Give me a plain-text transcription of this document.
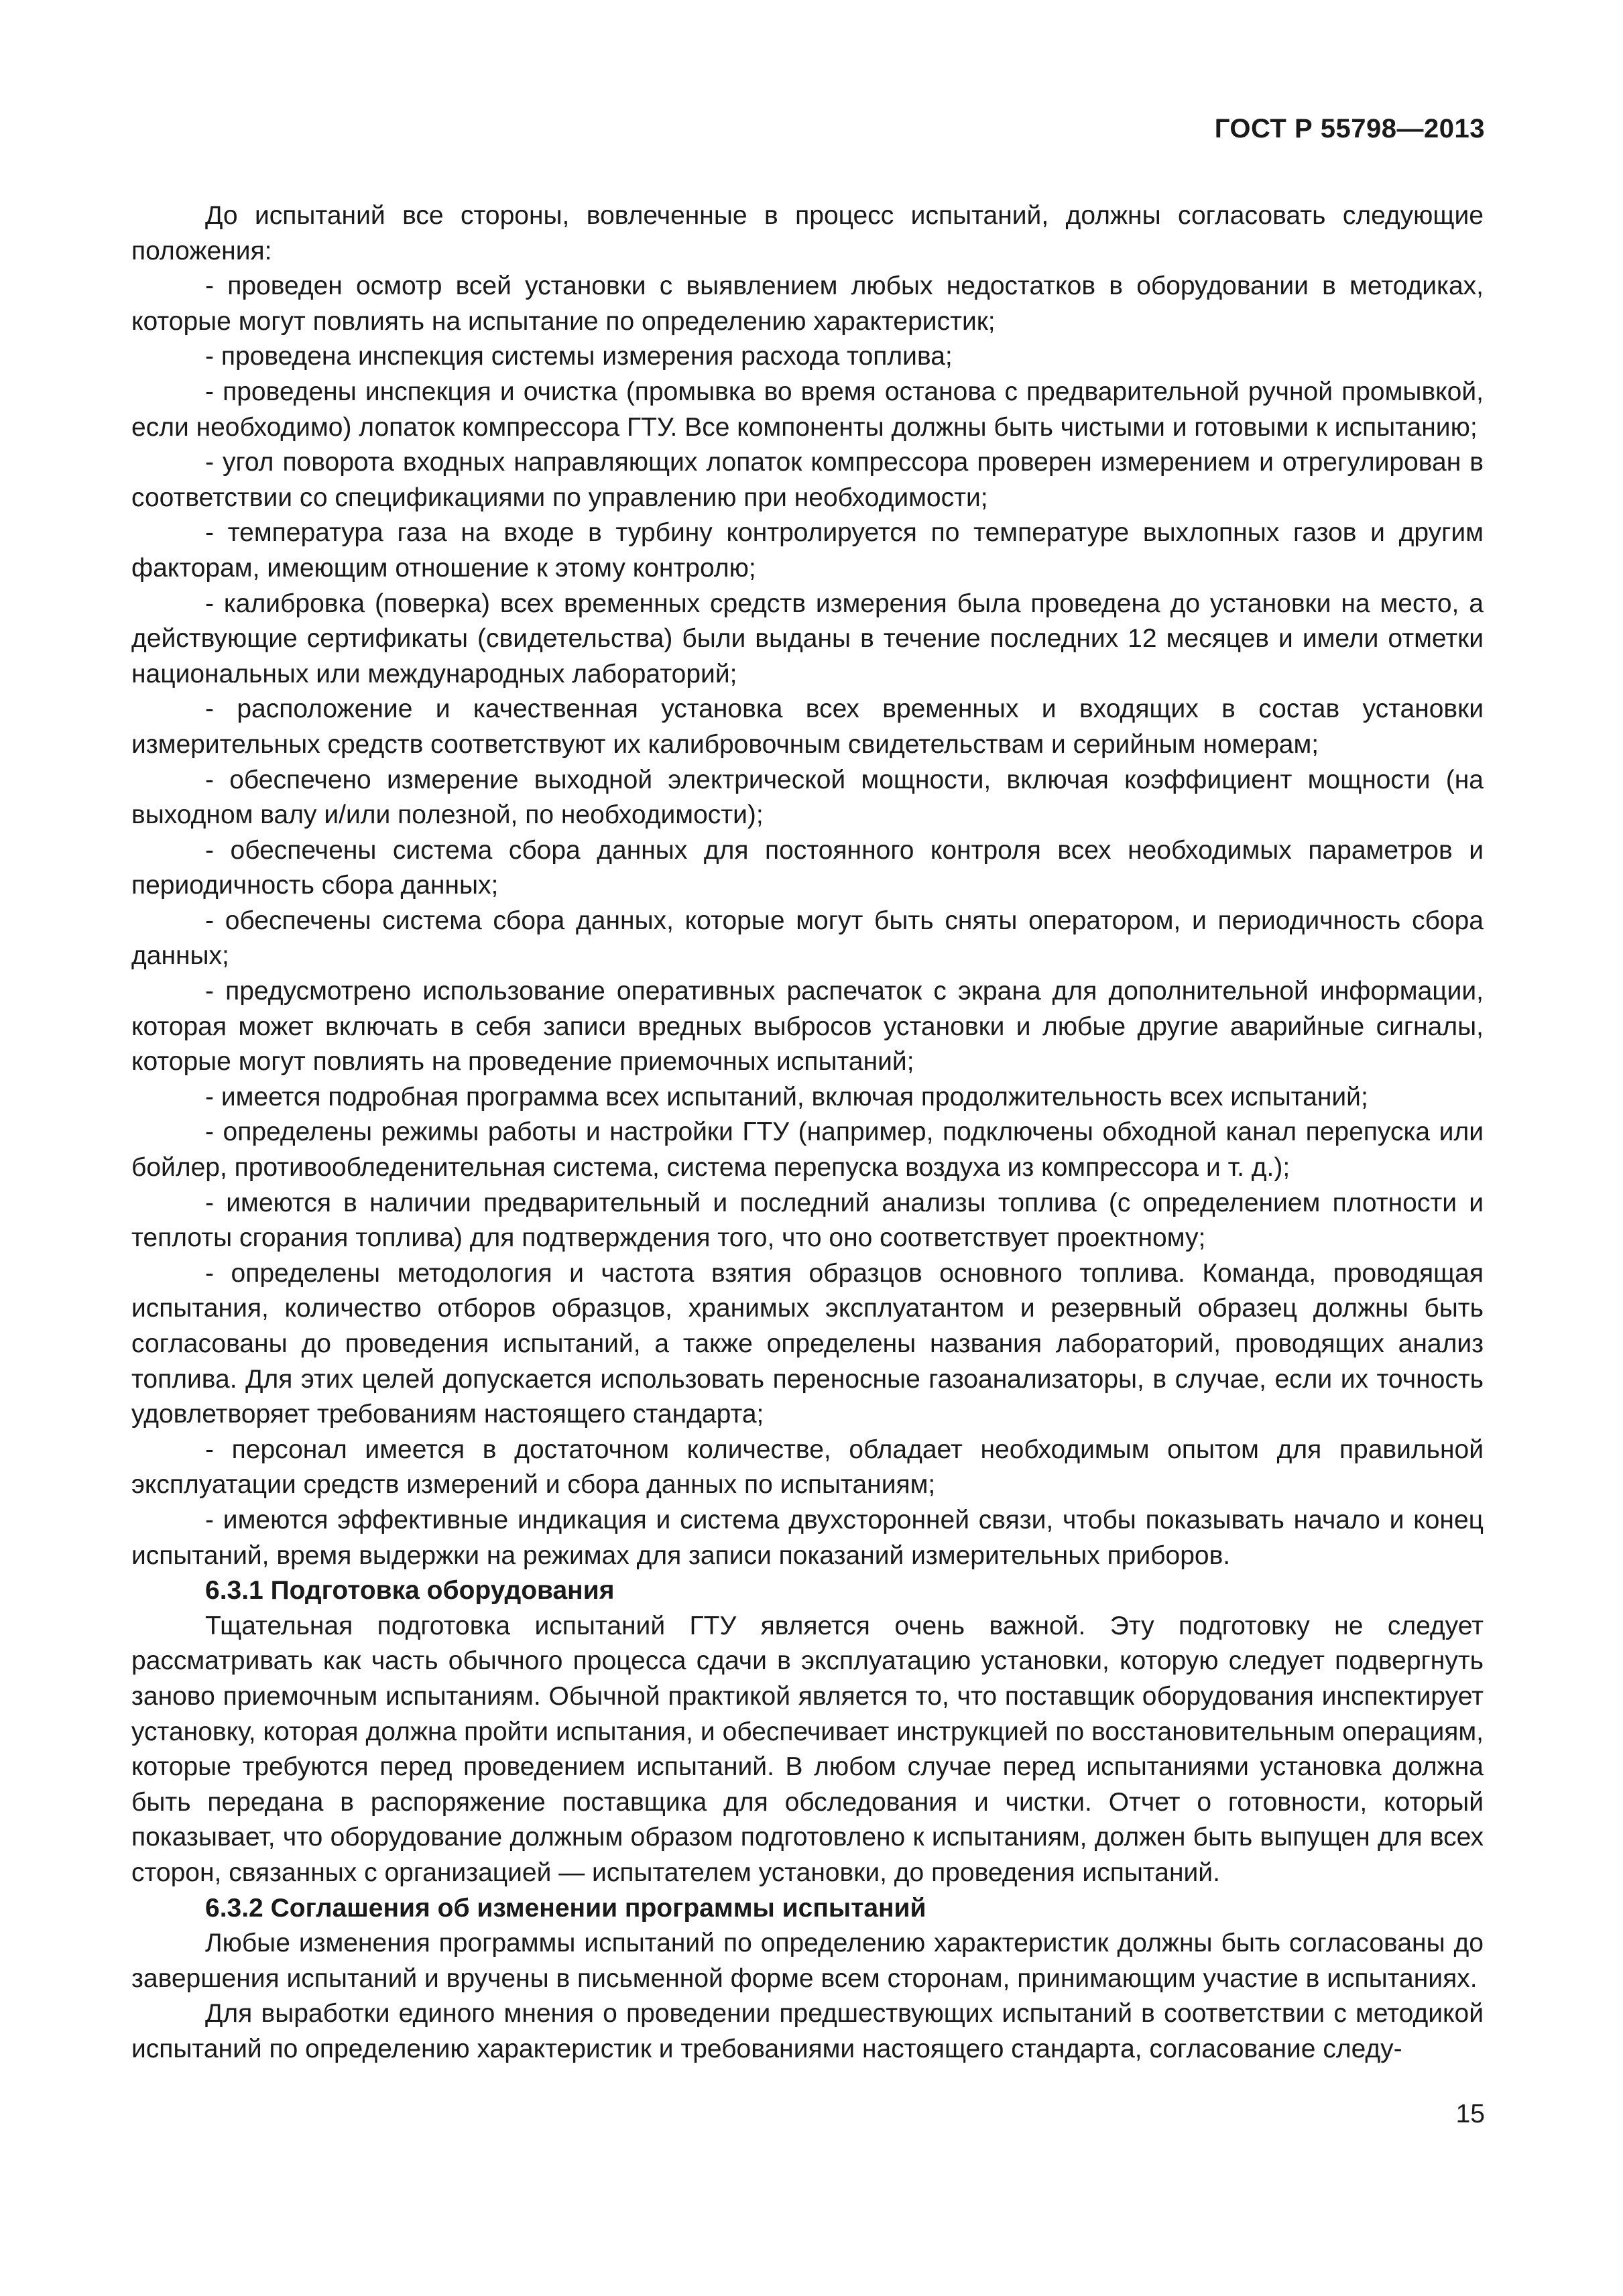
ГОСТ Р 55798—2013

До испытаний все стороны, вовлеченные в процесс испытаний, должны согласовать следующие положения:

- проведен осмотр всей установки с выявлением любых недостатков в оборудовании в методиках, которые могут повлиять на испытание по определению характеристик;

- проведена инспекция системы измерения расхода топлива;

- проведены инспекция и очистка (промывка во время останова с предварительной ручной промывкой, если необходимо) лопаток компрессора ГТУ. Все компоненты должны быть чистыми и готовыми к испытанию;

- угол поворота входных направляющих лопаток компрессора проверен измерением и отрегулирован в соответствии со спецификациями по управлению при необходимости;

- температура газа на входе в турбину контролируется по температуре выхлопных газов и другим факторам, имеющим отношение к этому контролю;

- калибровка (поверка) всех временных средств измерения была проведена до установки на место, а действующие сертификаты (свидетельства) были выданы в течение последних 12 месяцев и имели отметки национальных или международных лабораторий;

- расположение и качественная установка всех временных и входящих в состав установки измерительных средств соответствуют их калибровочным свидетельствам и серийным номерам;

- обеспечено измерение выходной электрической мощности, включая коэффициент мощности (на выходном валу и/или полезной, по необходимости);

- обеспечены система сбора данных для постоянного контроля всех необходимых параметров и периодичность сбора данных;

- обеспечены система сбора данных, которые могут быть сняты оператором, и периодичность сбора данных;

- предусмотрено использование оперативных распечаток с экрана для дополнительной информации, которая может включать в себя записи вредных выбросов установки и любые другие аварийные сигналы, которые могут повлиять на проведение приемочных испытаний;

- имеется подробная программа всех испытаний, включая продолжительность всех испытаний;

- определены режимы работы и настройки ГТУ (например, подключены обходной канал перепуска или бойлер, противообледенительная система, система перепуска воздуха из компрессора и т. д.);

- имеются в наличии предварительный и последний анализы топлива (с определением плотности и теплоты сгорания топлива) для подтверждения того, что оно соответствует проектному;

- определены методология и частота взятия образцов основного топлива. Команда, проводящая испытания, количество отборов образцов, хранимых эксплуатантом и резервный образец должны быть согласованы до проведения испытаний, а также определены названия лабораторий, проводящих анализ топлива. Для этих целей допускается использовать переносные газоанализаторы, в случае, если их точность удовлетворяет требованиям настоящего стандарта;

- персонал имеется в достаточном количестве, обладает необходимым опытом для правильной эксплуатации средств измерений и сбора данных по испытаниям;

- имеются эффективные индикация и система двухсторонней связи, чтобы показывать начало и конец испытаний, время выдержки на режимах для записи показаний измерительных приборов.

6.3.1 Подготовка оборудования

Тщательная подготовка испытаний ГТУ является очень важной. Эту подготовку не следует рассматривать как часть обычного процесса сдачи в эксплуатацию установки, которую следует подвергнуть заново приемочным испытаниям. Обычной практикой является то, что поставщик оборудования инспектирует установку, которая должна пройти испытания, и обеспечивает инструкцией по восстановительным операциям, которые требуются перед проведением испытаний. В любом случае перед испытаниями установка должна быть передана в распоряжение поставщика для обследования и чистки. Отчет о готовности, который показывает, что оборудование должным образом подготовлено к испытаниям, должен быть выпущен для всех сторон, связанных с организацией — испытателем установки, до проведения испытаний.

6.3.2 Соглашения об изменении программы испытаний

Любые изменения программы испытаний по определению характеристик должны быть согласованы до завершения испытаний и вручены в письменной форме всем сторонам, принимающим участие в испытаниях.

Для выработки единого мнения о проведении предшествующих испытаний в соответствии с методикой испытаний по определению характеристик и требованиями настоящего стандарта, согласование следу-

15
